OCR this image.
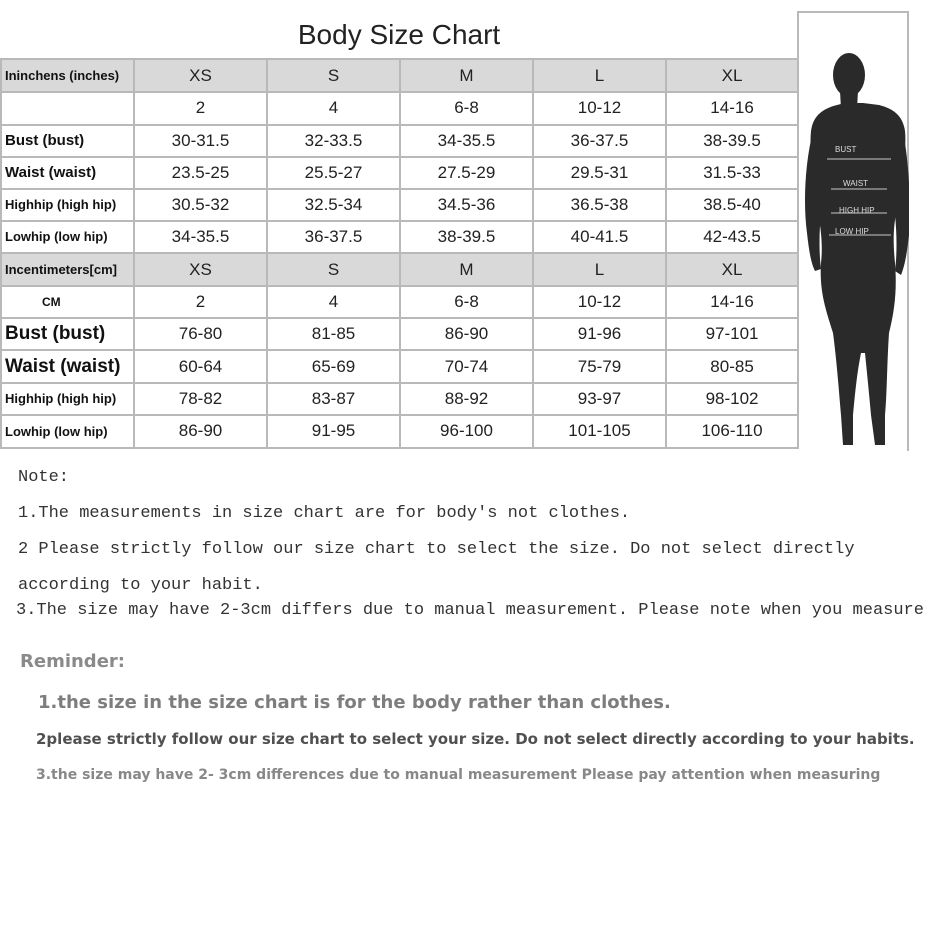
Body Size Chart					
Ininchens (inches)	XS	S	M	L	XL
	2	4	6-8	10-12	14-16
Bust (bust)	30-31.5	32-33.5	34-35.5	36-37.5	38-39.5
Waist (waist)	23.5-25	25.5-27	27.5-29	29.5-31	31.5-33
Highhip (high hip)	30.5-32	32.5-34	34.5-36	36.5-38	38.5-40
Lowhip (low hip)	34-35.5	36-37.5	38-39.5	40-41.5	42-43.5
Incentimeters[cm]	XS	S	M	L	XL
CM	2	4	6-8	10-12	14-16
Bust (bust)	76-80	81-85	86-90	91-96	97-101
Waist (waist)	60-64	65-69	70-74	75-79	80-85
Highhip (high hip)	78-82	83-87	88-92	93-97	98-102
Lowhip (low hip)	86-90	91-95	96-100	101-105	106-110
BUST
WAIST
HIGH HIP
LOW HIP
Note:
1.The measurements in size chart are for body's not clothes.
2 Please strictly follow our size chart to select the size. Do not select directly
according to your habit.
3.The size may have 2-3cm differs due to manual measurement. Please note when you measure
Reminder:
1.the size in the size chart is for the body rather than clothes.
2please strictly follow our size chart to select your size. Do not select directly according to your habits.
3.the size may have 2- 3cm differences due to manual measurement Please pay attention when measuring
